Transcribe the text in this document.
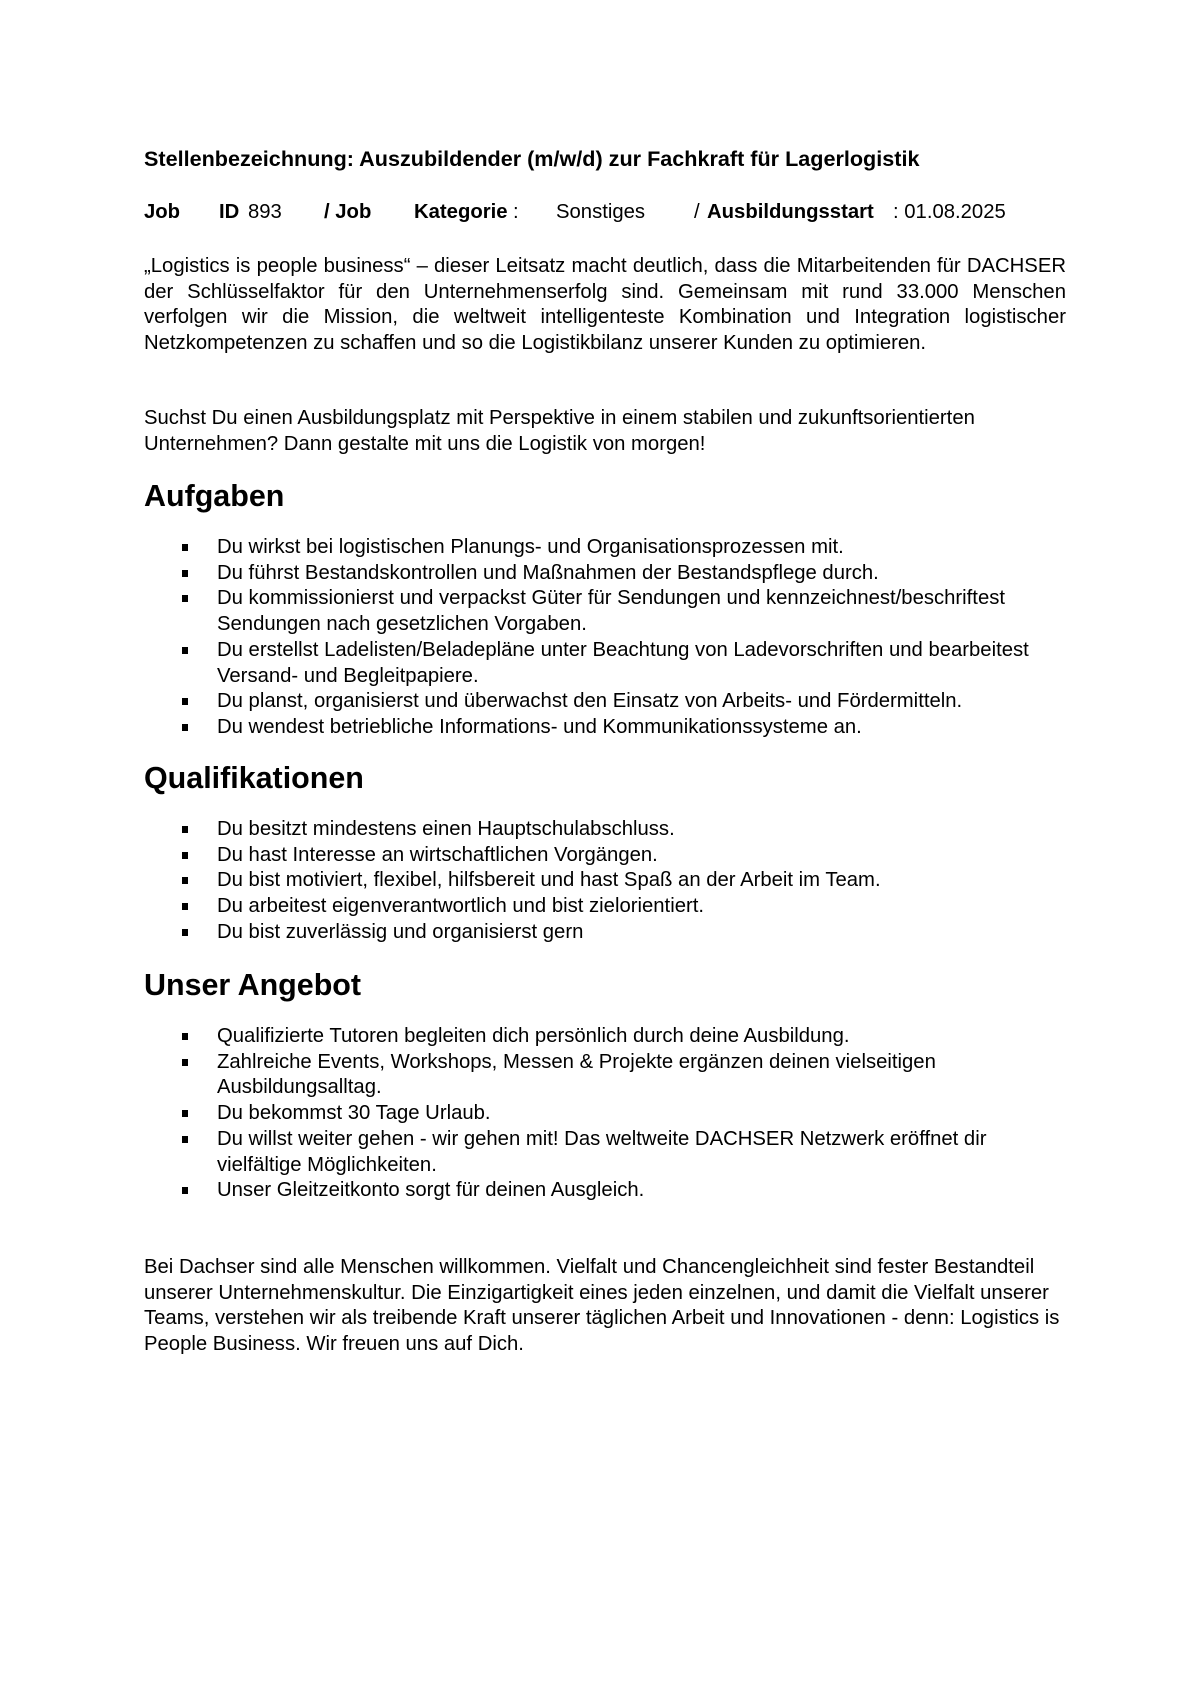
Stellenbezeichnung: Auszubildender (m/w/d) zur Fachkraft für Lagerlogistik
Job ID 893 / Job Kategorie : Sonstiges / Ausbildungsstart : 01.08.2025

„Logistics is people business“ – dieser Leitsatz macht deutlich, dass die Mitarbeitenden für DACHSER der Schlüsselfaktor für den Unternehmenserfolg sind. Gemeinsam mit rund 33.000 Menschen verfolgen wir die Mission, die weltweit intelligenteste Kombination und Integration logistischer Netzkompetenzen zu schaffen und so die Logistikbilanz unserer Kunden zu optimieren.

Suchst Du einen Ausbildungsplatz mit Perspektive in einem stabilen und zukunftsorientierten Unternehmen? Dann gestalte mit uns die Logistik von morgen!

Aufgaben
Du wirkst bei logistischen Planungs- und Organisationsprozessen mit.
Du führst Bestandskontrollen und Maßnahmen der Bestandspflege durch.
Du kommissionierst und verpackst Güter für Sendungen und kennzeichnest/beschriftest Sendungen nach gesetzlichen Vorgaben.
Du erstellst Ladelisten/Beladepläne unter Beachtung von Ladevorschriften und bearbeitest Versand- und Begleitpapiere.
Du planst, organisierst und überwachst den Einsatz von Arbeits- und Fördermitteln.
Du wendest betriebliche Informations- und Kommunikationssysteme an.
Qualifikationen
Du besitzt mindestens einen Hauptschulabschluss.
Du hast Interesse an wirtschaftlichen Vorgängen.
Du bist motiviert, flexibel, hilfsbereit und hast Spaß an der Arbeit im Team.
Du arbeitest eigenverantwortlich und bist zielorientiert.
Du bist zuverlässig und organisierst gern
Unser Angebot
Qualifizierte Tutoren begleiten dich persönlich durch deine Ausbildung.
Zahlreiche Events, Workshops, Messen & Projekte ergänzen deinen vielseitigen Ausbildungsalltag.
Du bekommst 30 Tage Urlaub.
Du willst weiter gehen - wir gehen mit! Das weltweite DACHSER Netzwerk eröffnet dir vielfältige Möglichkeiten.
Unser Gleitzeitkonto sorgt für deinen Ausgleich.

Bei Dachser sind alle Menschen willkommen. Vielfalt und Chancengleichheit sind fester Bestandteil unserer Unternehmenskultur. Die Einzigartigkeit eines jeden einzelnen, und damit die Vielfalt unserer Teams, verstehen wir als treibende Kraft unserer täglichen Arbeit und Innovationen - denn: Logistics is People Business. Wir freuen uns auf Dich.
